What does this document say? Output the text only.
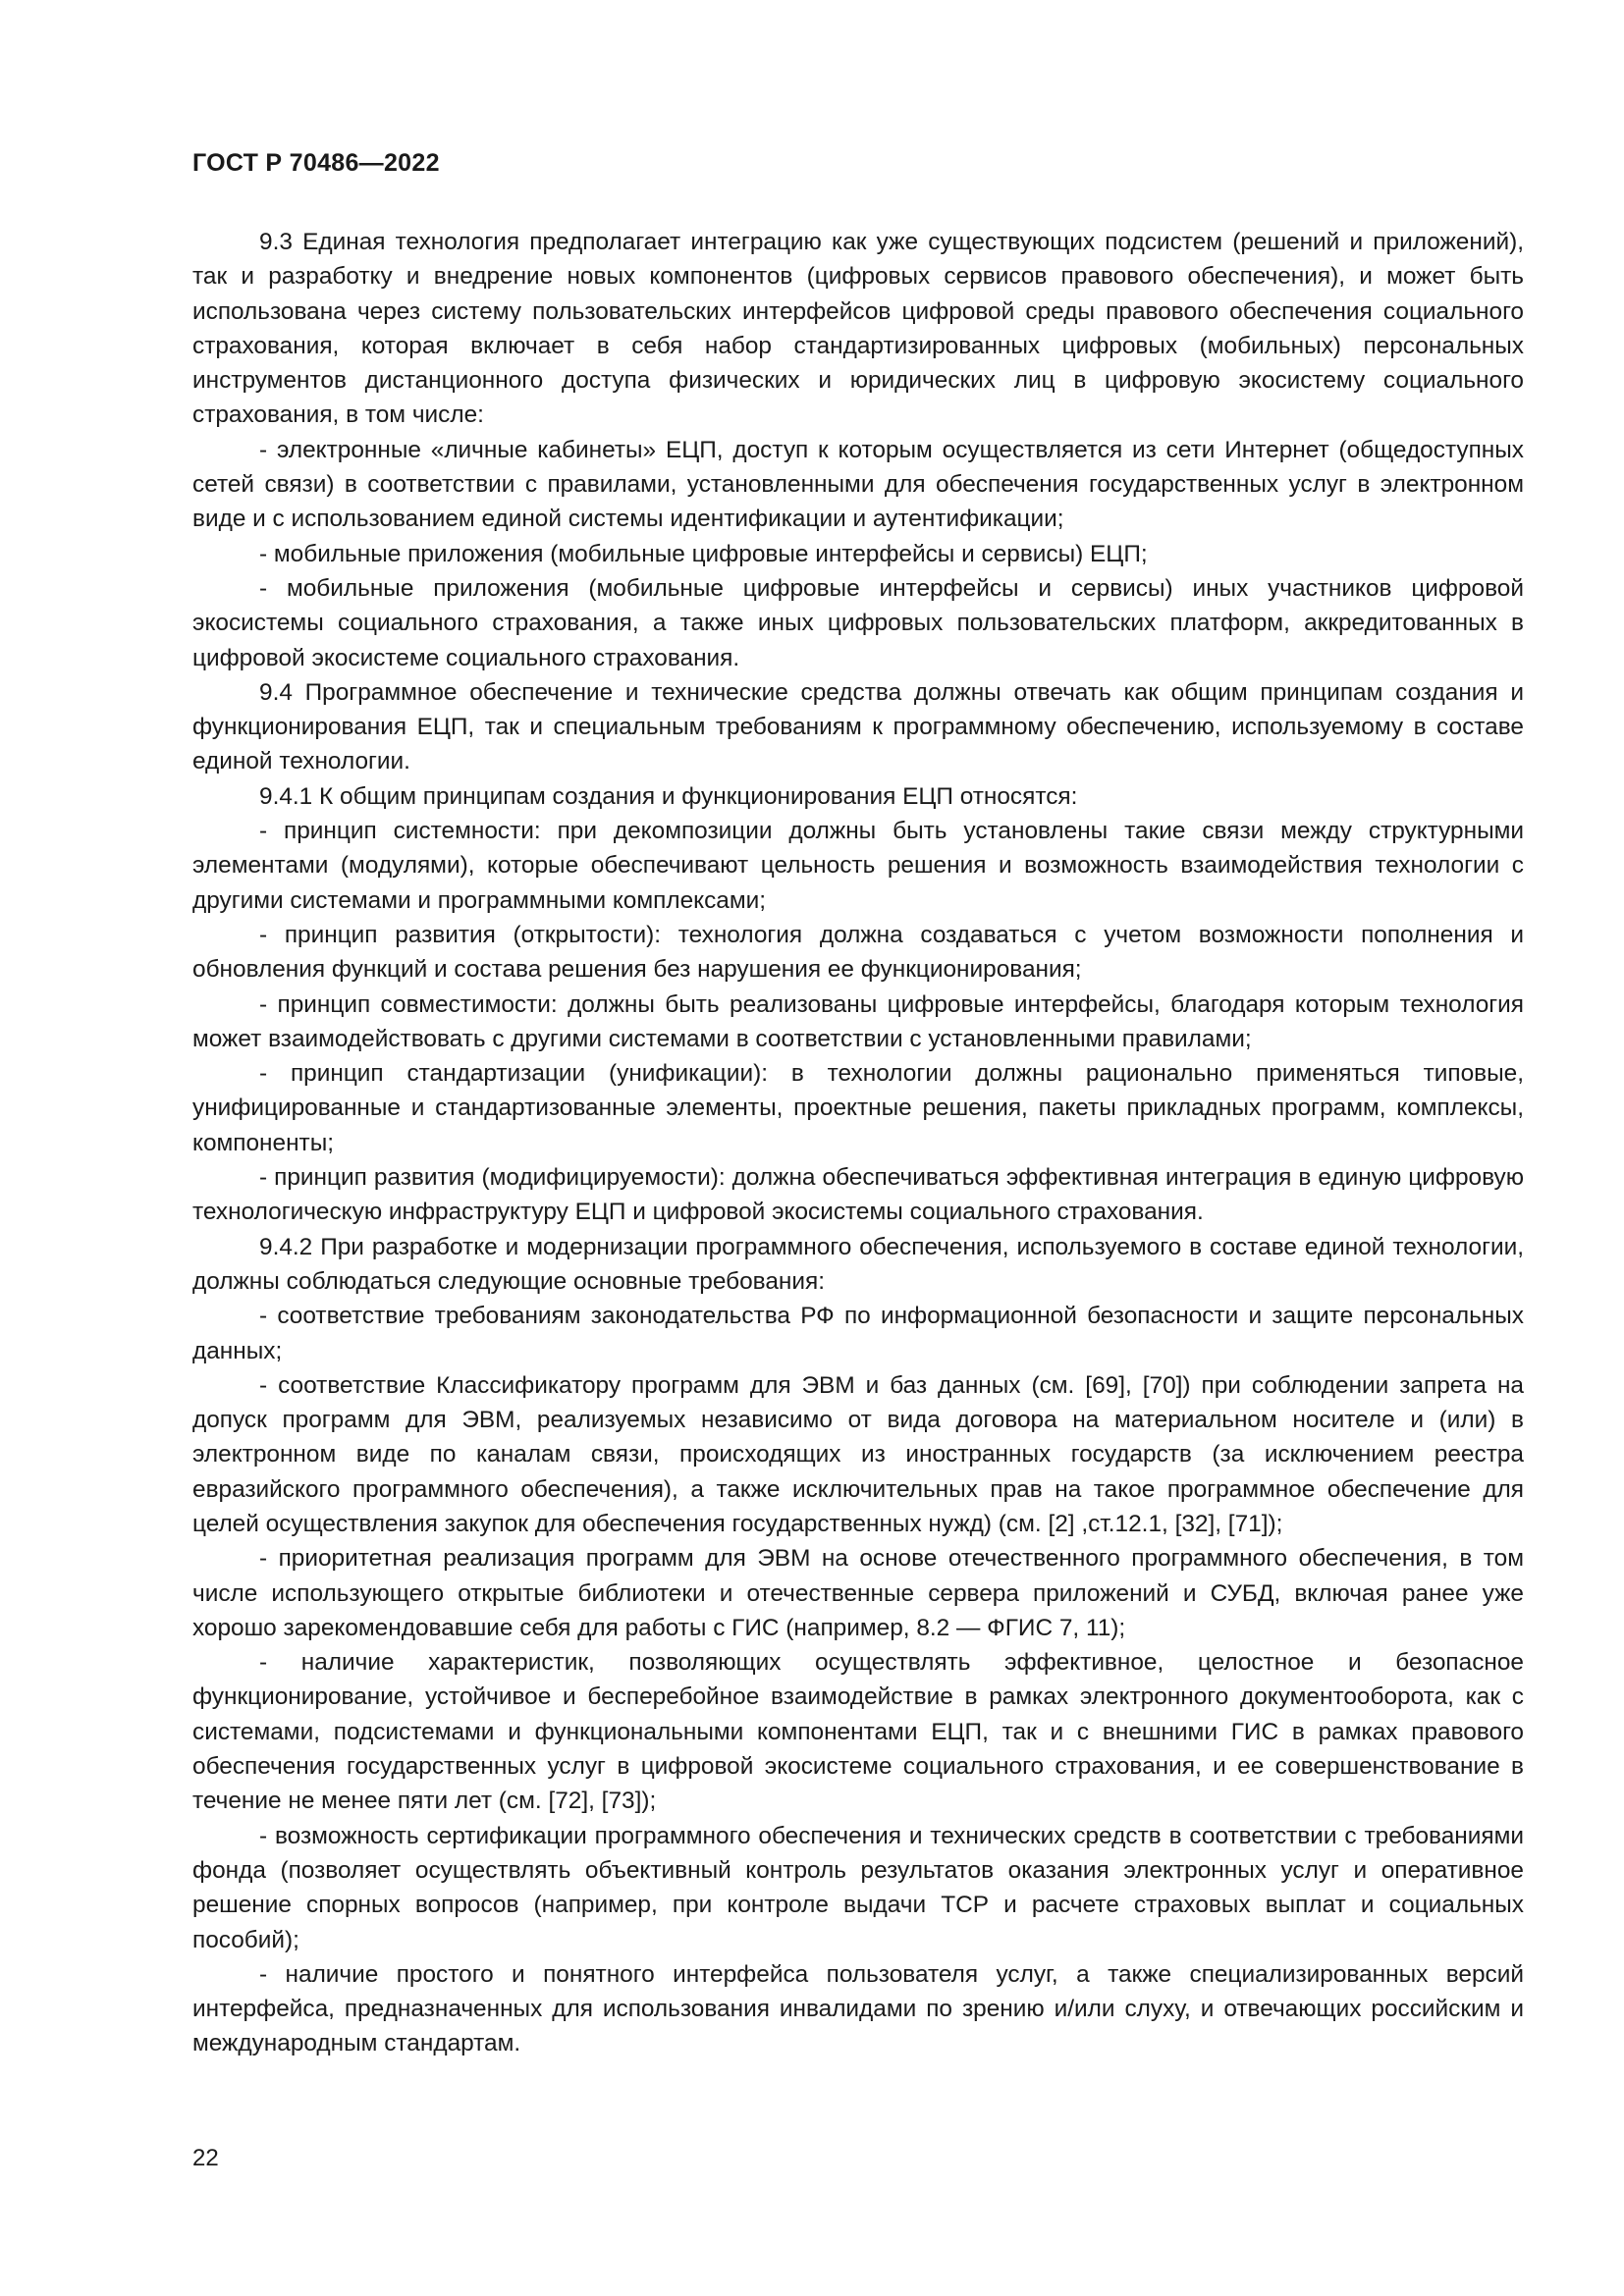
ГОСТ Р 70486—2022

9.3 Единая технология предполагает интеграцию как уже существующих подсистем (решений и приложений), так и разработку и внедрение новых компонентов (цифровых сервисов правового обеспечения), и может быть использована через систему пользовательских интерфейсов цифровой среды правового обеспечения социального страхования, которая включает в себя набор стандартизированных цифровых (мобильных) персональных инструментов дистанционного доступа физических и юридических лиц в цифровую экосистему социального страхования, в том числе:

- электронные «личные кабинеты» ЕЦП, доступ к которым осуществляется из сети Интернет (общедоступных сетей связи) в соответствии с правилами, установленными для обеспечения государственных услуг в электронном виде и с использованием единой системы идентификации и аутентификации;

- мобильные приложения (мобильные цифровые интерфейсы и сервисы) ЕЦП;

- мобильные приложения (мобильные цифровые интерфейсы и сервисы) иных участников цифровой экосистемы социального страхования, а также иных цифровых пользовательских платформ, аккредитованных в цифровой экосистеме социального страхования.

9.4 Программное обеспечение и технические средства должны отвечать как общим принципам создания и функционирования ЕЦП, так и специальным требованиям к программному обеспечению, используемому в составе единой технологии.

9.4.1 К общим принципам создания и функционирования ЕЦП относятся:

- принцип системности: при декомпозиции должны быть установлены такие связи между структурными элементами (модулями), которые обеспечивают цельность решения и возможность взаимодействия технологии с другими системами и программными комплексами;

- принцип развития (открытости): технология должна создаваться с учетом возможности пополнения и обновления функций и состава решения без нарушения ее функционирования;

- принцип совместимости: должны быть реализованы цифровые интерфейсы, благодаря которым технология может взаимодействовать с другими системами в соответствии с установленными правилами;

- принцип стандартизации (унификации): в технологии должны рационально применяться типовые, унифицированные и стандартизованные элементы, проектные решения, пакеты прикладных программ, комплексы, компоненты;

- принцип развития (модифицируемости): должна обеспечиваться эффективная интеграция в единую цифровую технологическую инфраструктуру ЕЦП и цифровой экосистемы социального страхования.

9.4.2 При разработке и модернизации программного обеспечения, используемого в составе единой технологии, должны соблюдаться следующие основные требования:

- соответствие требованиям законодательства РФ по информационной безопасности и защите персональных данных;

- соответствие Классификатору программ для ЭВМ и баз данных (см. [69], [70]) при соблюдении запрета на допуск программ для ЭВМ, реализуемых независимо от вида договора на материальном носителе и (или) в электронном виде по каналам связи, происходящих из иностранных государств (за исключением реестра евразийского программного обеспечения), а также исключительных прав на такое программное обеспечение для целей осуществления закупок для обеспечения государственных нужд) (см. [2] ,ст.12.1, [32], [71]);

- приоритетная реализация программ для ЭВМ на основе отечественного программного обеспечения, в том числе использующего открытые библиотеки и отечественные сервера приложений и СУБД, включая ранее уже хорошо зарекомендовавшие себя для работы с ГИС (например, 8.2 — ФГИС 7, 11);

- наличие характеристик, позволяющих осуществлять эффективное, целостное и безопасное функционирование, устойчивое и бесперебойное взаимодействие в рамках электронного документооборота, как с системами, подсистемами и функциональными компонентами ЕЦП, так и с внешними ГИС в рамках правового обеспечения государственных услуг в цифровой экосистеме социального страхования, и ее совершенствование в течение не менее пяти лет (см. [72], [73]);

- возможность сертификации программного обеспечения и технических средств в соответствии с требованиями фонда (позволяет осуществлять объективный контроль результатов оказания электронных услуг и оперативное решение спорных вопросов (например, при контроле выдачи ТСР и расчете страховых выплат и социальных пособий);

- наличие простого и понятного интерфейса пользователя услуг, а также специализированных версий интерфейса, предназначенных для использования инвалидами по зрению и/или слуху, и отвечающих российским и международным стандартам.

22
